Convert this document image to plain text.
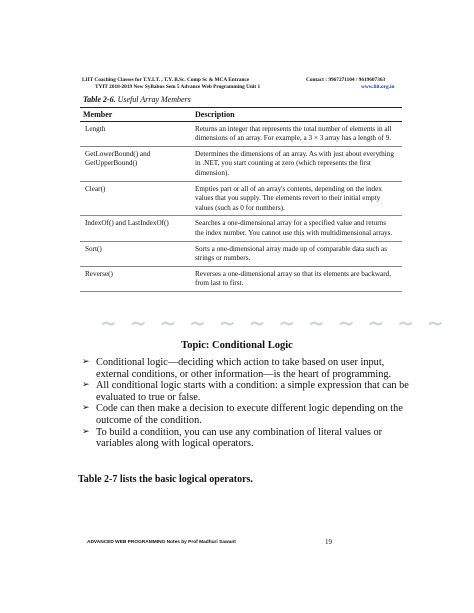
LIIT Coaching Classes for T.Y.I.T. , T.Y. B.Sc. Comp Sc & MCA Entrance	Contact : 9967271104 / 9619607363
TYIT 2018-2019 New SyBabus Sem 5 Advance Web Programming Unit 1	www.liit.org.in
Table 2-6. Useful Array Members
Member	Description
Length	Returns an integer that represents the total number of elements in all dimensions of an array. For example, a 3 × 3 array has a length of 9.
GetLowerBound() and GetUpperBound()	Determines the dimensions of an array. As with just about everything in .NET, you start counting at zero (which represents the first dimension).
Clear()	Empties part or all of an array's contents, depending on the index values that you supply. The elements revert to their initial empty values (such as 0 for numbers).
IndexOf() and LastIndexOf()	Searches a one-dimensional array for a specified value and returns the index number. You cannot use this with multidimensional arrays.
Sort()	Sorts a one-dimensional array made up of comparable data such as strings or numbers.
Reverse()	Reverses a one-dimensional array so that its elements are backward, from last to first.
~ ~ ~ ~ ~ ~ ~ ~ ~ ~ ~ ~
Topic: Conditional Logic
➢ Conditional logic—deciding which action to take based on user input, external conditions, or other information—is the heart of programming.
➢ All conditional logic starts with a condition: a simple expression that can be evaluated to true or false.
➢ Code can then make a decision to execute different logic depending on the outcome of the condition.
➢ To build a condition, you can use any combination of literal values or variables along with logical operators.
Table 2-7 lists the basic logical operators.
ADVANCED WEB PROGRAMMING Notes by Prof Madhuri Sawant	19
